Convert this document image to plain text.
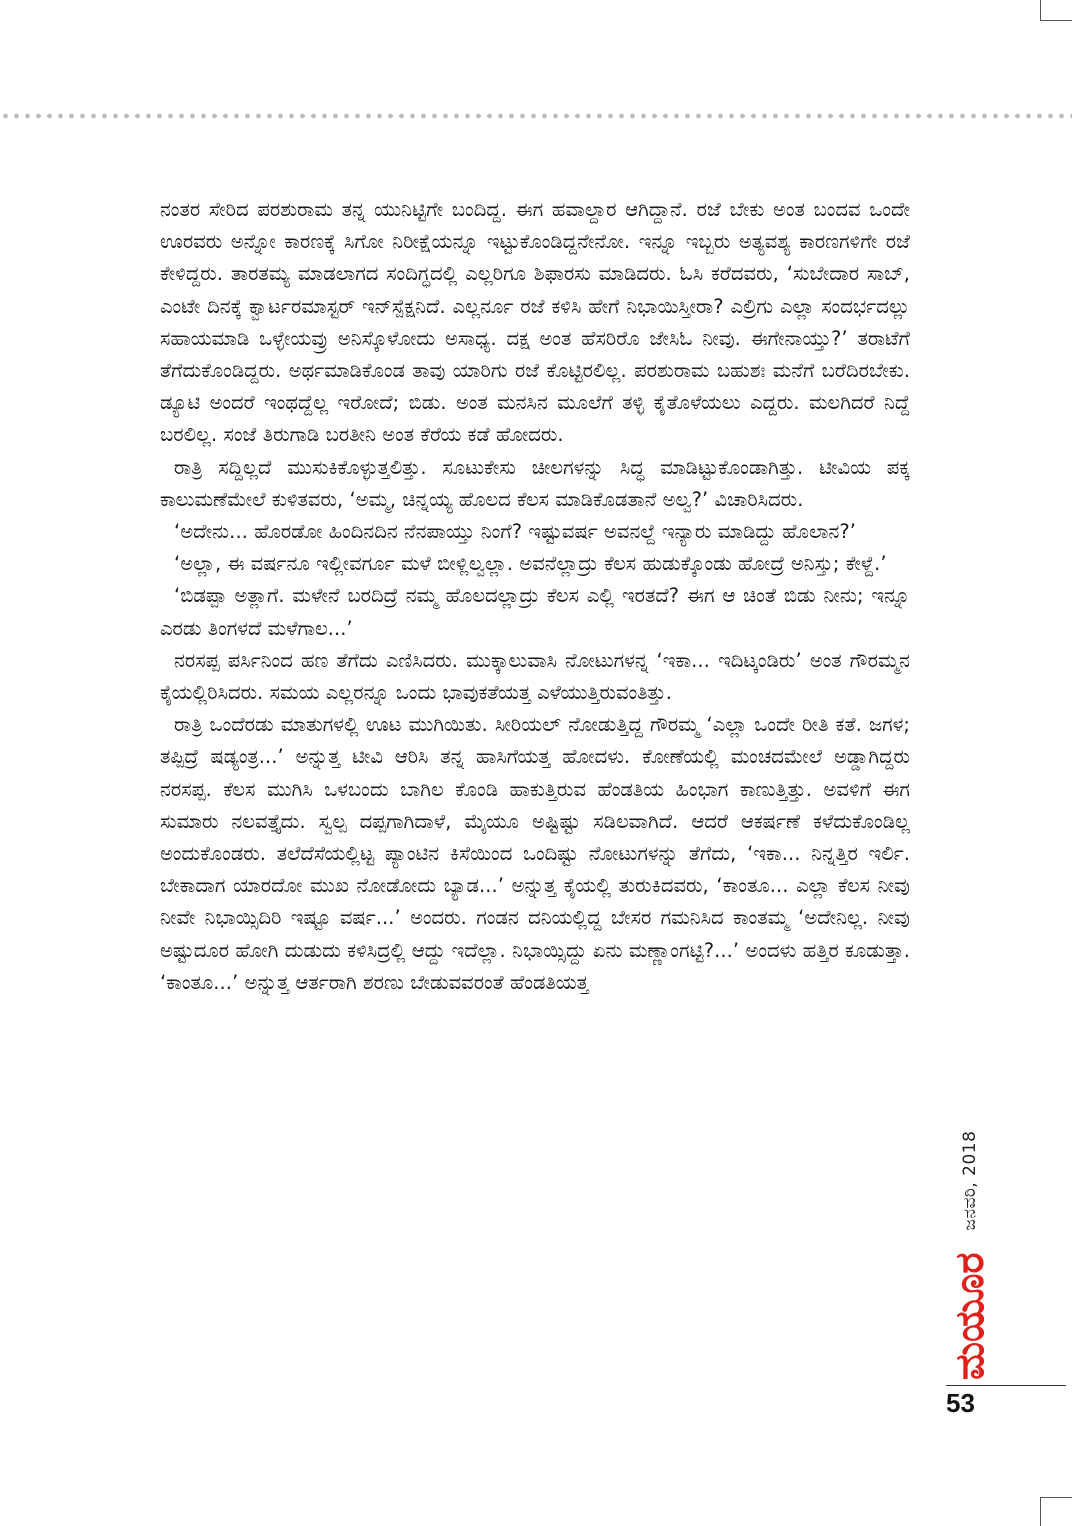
ನಂತರ ಸೇರಿದ ಪರಶುರಾಮ ತನ್ನ ಯುನಿಟ್ಟಿಗೇ ಬಂದಿದ್ದ. ಈಗ ಹವಾಲ್ದಾರ ಆಗಿದ್ದಾನೆ. ರಜೆ ಬೇಕು ಅಂತ ಬಂದವ ಒಂದೇ ಊರವರು ಅನ್ನೋ ಕಾರಣಕ್ಕೆ ಸಿಗೋ ನಿರೀಕ್ಷೆಯನ್ನೂ ಇಟ್ಟುಕೊಂಡಿದ್ದನೇನೋ. ಇನ್ನೂ ಇಬ್ಬರು ಅತ್ಯವಶ್ಯ ಕಾರಣಗಳಿಗೇ ರಜೆ ಕೇಳಿದ್ದರು. ತಾರತಮ್ಯ ಮಾಡಲಾಗದ ಸಂದಿಗ್ಧದಲ್ಲಿ ಎಲ್ಲರಿಗೂ ಶಿಫಾರಸು ಮಾಡಿದರು. ಓಸಿ ಕರೆದವರು, ‘ಸುಬೇದಾರ ಸಾಬ್, ಎಂಟೇ ದಿನಕ್ಕೆ ಕ್ವಾರ್ಟರಮಾಸ್ಟರ್ ಇನ್‌ಸ್ಪೆಕ್ಷನಿದೆ. ಎಲ್ಲರ್ನೂ ರಜೆ ಕಳಿಸಿ ಹೇಗೆ ನಿಭಾಯಿಸ್ತೀರಾ? ಎಲ್ರಿಗು ಎಲ್ಲಾ ಸಂದರ್ಭದಲ್ಲು ಸಹಾಯಮಾಡಿ ಒಳ್ಳೇಯವ್ರು ಅನಿಸ್ಕೊಳೋದು ಅಸಾಧ್ಯ. ದಕ್ಷ ಅಂತ ಹೆಸರಿರೊ ಜೇಸಿಓ ನೀವು. ಈಗೇನಾಯ್ತು?’ ತರಾಟೆಗೆ ತೆಗೆದುಕೊಂಡಿದ್ದರು. ಅರ್ಥಮಾಡಿಕೊಂಡ ತಾವು ಯಾರಿಗು ರಜೆ ಕೊಟ್ಟಿರಲಿಲ್ಲ. ಪರಶುರಾಮ ಬಹುಶಃ ಮನೆಗೆ ಬರೆದಿರಬೇಕು. ಡ್ಯೂಟಿ ಅಂದರೆ ಇಂಥದ್ದೆಲ್ಲ ಇರೋದೆ; ಬಿಡು. ಅಂತ ಮನಸಿನ ಮೂಲೆಗೆ ತಳ್ಳಿ ಕೈತೊಳೆಯಲು ಎದ್ದರು. ಮಲಗಿದರೆ ನಿದ್ದೆ ಬರಲಿಲ್ಲ. ಸಂಜೆ ತಿರುಗಾಡಿ ಬರತೀನಿ ಅಂತ ಕೆರೆಯ ಕಡೆ ಹೋದರು.

ರಾತ್ರಿ ಸದ್ದಿಲ್ಲದೆ ಮುಸುಕಿಕೊಳ್ಳುತ್ತಲಿತ್ತು. ಸೂಟುಕೇಸು ಚೀಲಗಳನ್ನು ಸಿದ್ಧ ಮಾಡಿಟ್ಟುಕೊಂಡಾಗಿತ್ತು. ಟೀವಿಯ ಪಕ್ಕ ಕಾಲುಮಣೆಮೇಲೆ ಕುಳಿತವರು, ‘ಅಮ್ಮ, ಚಿನ್ನಯ್ಯ ಹೊಲದ ಕೆಲಸ ಮಾಡಿಕೊಡತಾನೆ ಅಲ್ವ?’ ವಿಚಾರಿಸಿದರು.

‘ಅದೇನು... ಹೊರಡೋ ಹಿಂದಿನದಿನ ನೆನಪಾಯ್ತು ನಿಂಗೆ? ಇಷ್ಟುವರ್ಷ ಅವನಲ್ದೆ ಇನ್ಯಾರು ಮಾಡಿದ್ದು ಹೊಲಾನ?’

‘ಅಲ್ಲಾ, ಈ ವರ್ಷನೂ ಇಲ್ಲೀವರ್ಗೂ ಮಳೆ ಬೀಳ್ಲಿಲ್ವಲ್ಲಾ. ಅವನೆಲ್ಲಾದ್ರು ಕೆಲಸ ಹುಡುಕ್ಕೊಂಡು ಹೋದ್ರೆ ಅನಿಸ್ತು; ಕೇಳ್ದೆ.’

‘ಬಿಡಪ್ಪಾ ಅತ್ಲಾಗೆ. ಮಳೇನೆ ಬರದಿದ್ರೆ ನಮ್ಮ ಹೊಲದಲ್ಲಾದ್ರು ಕೆಲಸ ಎಲ್ಲಿ ಇರತದೆ? ಈಗ ಆ ಚಿಂತೆ ಬಿಡು ನೀನು; ಇನ್ನೂ ಎರಡು ತಿಂಗಳದೆ ಮಳೆಗಾಲ...’

ನರಸಪ್ಪ ಪರ್ಸಿನಿಂದ ಹಣ ತೆಗೆದು ಎಣಿಸಿದರು. ಮುಕ್ಕಾಲುವಾಸಿ ನೋಟುಗಳನ್ನ ‘ಇಕಾ... ಇದಿಟ್ಕಂಡಿರು’ ಅಂತ ಗೌರಮ್ಮನ ಕೈಯಲ್ಲಿರಿಸಿದರು. ಸಮಯ ಎಲ್ಲರನ್ನೂ ಒಂದು ಭಾವುಕತೆಯತ್ತ ಎಳೆಯುತ್ತಿರುವಂತಿತ್ತು.

ರಾತ್ರಿ ಒಂದೆರಡು ಮಾತುಗಳಲ್ಲಿ ಊಟ ಮುಗಿಯಿತು. ಸೀರಿಯಲ್ ನೋಡುತ್ತಿದ್ದ ಗೌರಮ್ಮ ‘ಎಲ್ಲಾ ಒಂದೇ ರೀತಿ ಕತೆ. ಜಗಳ; ತಪ್ಪಿದ್ರೆ ಷಡ್ಯಂತ್ರ...’ ಅನ್ನುತ್ತ ಟೀವಿ ಆರಿಸಿ ತನ್ನ ಹಾಸಿಗೆಯತ್ತ ಹೋದಳು. ಕೋಣೆಯಲ್ಲಿ ಮಂಚದಮೇಲೆ ಅಡ್ಡಾಗಿದ್ದರು ನರಸಪ್ಪ. ಕೆಲಸ ಮುಗಿಸಿ ಒಳಬಂದು ಬಾಗಿಲ ಕೊಂಡಿ ಹಾಕುತ್ತಿರುವ ಹೆಂಡತಿಯ ಹಿಂಭಾಗ ಕಾಣುತ್ತಿತ್ತು. ಅವಳಿಗೆ ಈಗ ಸುಮಾರು ನಲವತ್ತೈದು. ಸ್ವಲ್ಪ ದಪ್ಪಗಾಗಿದಾಳೆ, ಮೈಯೂ ಅಷ್ಟಿಷ್ಟು ಸಡಿಲವಾಗಿದೆ. ಆದರೆ ಆಕರ್ಷಣೆ ಕಳೆದುಕೊಂಡಿಲ್ಲ ಅಂದುಕೊಂಡರು. ತಲೆದೆಸೆಯಲ್ಲಿಟ್ಟ ಪ್ಯಾಂಟಿನ ಕಿಸೆಯಿಂದ ಒಂದಿಷ್ಟು ನೋಟುಗಳನ್ನು ತೆಗೆದು, ‘ಇಕಾ... ನಿನ್ನತ್ತಿರ ಇರ್ಲಿ. ಬೇಕಾದಾಗ ಯಾರದೋ ಮುಖ ನೋಡೋದು ಬ್ಯಾಡ...’ ಅನ್ನುತ್ತ ಕೈಯಲ್ಲಿ ತುರುಕಿದವರು, ‘ಕಾಂತೂ... ಎಲ್ಲಾ ಕೆಲಸ ನೀವು ನೀವೇ ನಿಭಾಯ್ಸಿದಿರಿ ಇಷ್ಟೂ ವರ್ಷ...’ ಅಂದರು. ಗಂಡನ ದನಿಯಲ್ಲಿದ್ದ ಬೇಸರ ಗಮನಿಸಿದ ಕಾಂತಮ್ಮ ‘ಅದೇನಿಲ್ಲ. ನೀವು ಅಷ್ಟುದೂರ ಹೋಗಿ ದುಡುದು ಕಳಿಸಿದ್ರಲ್ಲಿ ಆದ್ದು ಇದೆಲ್ಲಾ. ನಿಭಾಯ್ಸಿದ್ದು ಏನು ಮಣ್ಣಾಂಗಟ್ಟಿ?...’ ಅಂದಳು ಹತ್ತಿರ ಕೂಡುತ್ತಾ. ‘ಕಾಂತೂ...’ ಅನ್ನುತ್ತ ಆರ್ತರಾಗಿ ಶರಣು ಬೇಡುವವರಂತೆ ಹೆಂಡತಿಯತ್ತ

ಮಯೂರ
ಜನವರಿ, 2018
53
